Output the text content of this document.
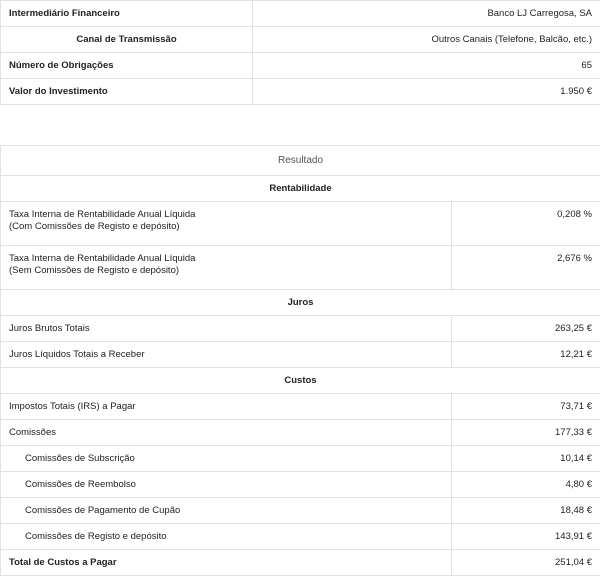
Intermediário Financeiro	Banco LJ Carregosa, SA
Canal de Transmissão	Outros Canais (Telefone, Balcão, etc.)
Número de Obrigações	65
Valor do Investimento	1.950 €
Resultado	
Rentabilidade	

Taxa Interna de Rentabilidade Anual Líquida
(Com Comissões de Registo e depósito)	0,208 %

Taxa Interna de Rentabilidade Anual Líquida
(Sem Comissões de Registo e depósito)	2,676 %
Juros	
Juros Brutos Totais	263,25 €
Juros Líquidos Totais a Receber	12,21 €
Custos	
Impostos Totais (IRS) a Pagar	73,71 €
Comissões	177,33 €
Comissões de Subscrição	10,14 €
Comissões de Reembolso	4,80 €
Comissões de Pagamento de Cupão	18,48 €
Comissões de Registo e depósito	143,91 €
Total de Custos a Pagar	251,04 €
